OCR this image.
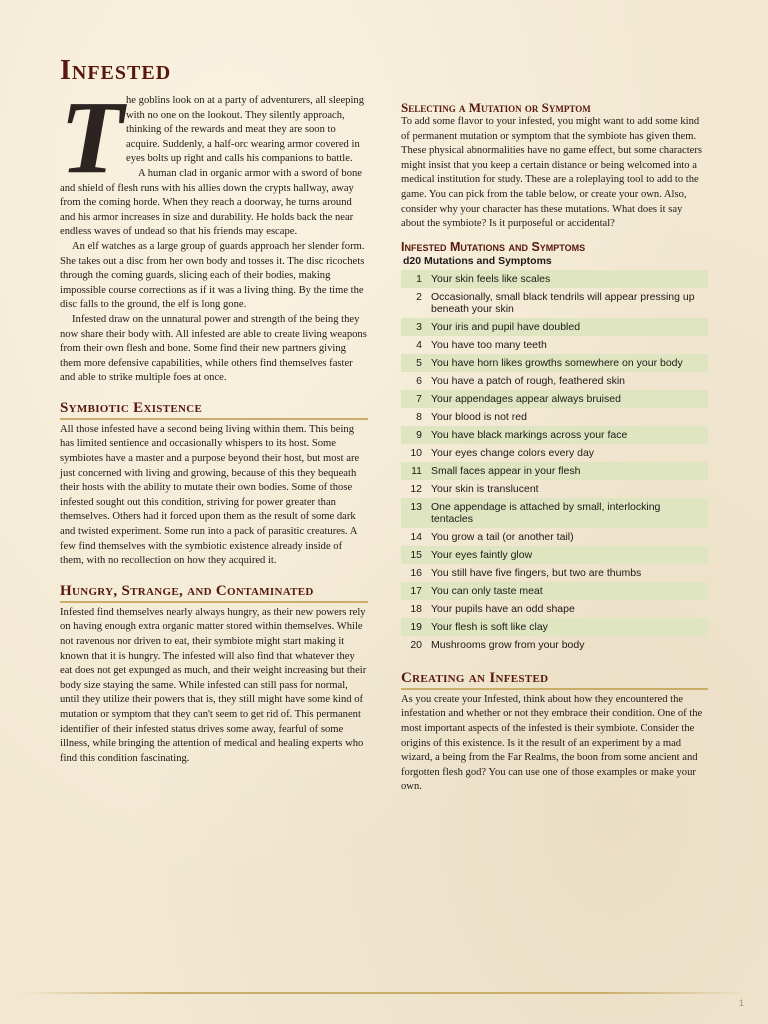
Infested
T he goblins look on at a party of adventurers, all sleeping with no one on the lookout. They silently approach, thinking of the rewards and meat they are soon to acquire. Suddenly, a half-orc wearing armor covered in eyes bolts up right and calls his companions to battle.

A human clad in organic armor with a sword of bone and shield of flesh runs with his allies down the crypts hallway, away from the coming horde. When they reach a doorway, he turns around and his armor increases in size and durability. He holds back the near endless waves of undead so that his friends may escape.

An elf watches as a large group of guards approach her slender form. She takes out a disc from her own body and tosses it. The disc ricochets through the coming guards, slicing each of their bodies, making impossible course corrections as if it was a living thing. By the time the disc falls to the ground, the elf is long gone.

Infested draw on the unnatural power and strength of the being they now share their body with. All infested are able to create living weapons from their own flesh and bone. Some find their new partners giving them more defensive capabilities, while others find themselves faster and able to strike multiple foes at once.

Symbiotic Existence

All those infested have a second being living within them. This being has limited sentience and occasionally whispers to its host. Some symbiotes have a master and a purpose beyond their host, but most are just concerned with living and growing, because of this they bequeath their hosts with the ability to mutate their own bodies. Some of those infested sought out this condition, striving for power greater than themselves. Others had it forced upon them as the result of some dark and twisted experiment. Some run into a pack of parasitic creatures. A few find themselves with the symbiotic existence already inside of them, with no recollection on how they acquired it.

Hungry, Strange, and Contaminated

Infested find themselves nearly always hungry, as their new powers rely on having enough extra organic matter stored within themselves. While not ravenous nor driven to eat, their symbiote might start making it known that it is hungry. The infested will also find that whatever they eat does not get expunged as much, and their weight increasing but their body size staying the same. While infested can still pass for normal, until they utilize their powers that is, they still might have some kind of mutation or symptom that they can't seem to get rid of. This permanent identifier of their infested status drives some away, fearful of some illness, while bringing the attention of medical and healing experts who find this condition fascinating.

Selecting a Mutation or Symptom

To add some flavor to your infested, you might want to add some kind of permanent mutation or symptom that the symbiote has given them. These physical abnormalities have no game effect, but some characters might insist that you keep a certain distance or being welcomed into a medical institution for study. These are a roleplaying tool to add to the game. You can pick from the table below, or create your own. Also, consider why your character has these mutations. What does it say about the symbiote? Is it purposeful or accidental?

Infested Mutations and Symptoms
d20 Mutations and Symptoms
1	Your skin feels like scales
2	Occasionally, small black tendrils will appear pressing up beneath your skin
3	Your iris and pupil have doubled
4	You have too many teeth
5	You have horn likes growths somewhere on your body
6	You have a patch of rough, feathered skin
7	Your appendages appear always bruised
8	Your blood is not red
9	You have black markings across your face
10	Your eyes change colors every day
11	Small faces appear in your flesh
12	Your skin is translucent
13	One appendage is attached by small, interlocking tentacles
14	You grow a tail (or another tail)
15	Your eyes faintly glow
16	You still have five fingers, but two are thumbs
17	You can only taste meat
18	Your pupils have an odd shape
19	Your flesh is soft like clay
20	Mushrooms grow from your body
Creating an Infested

As you create your Infested, think about how they encountered the infestation and whether or not they embrace their condition. One of the most important aspects of the infested is their symbiote. Consider the origins of this existence. Is it the result of an experiment by a mad wizard, a being from the Far Realms, the boon from some ancient and forgotten flesh god? You can use one of those examples or make your own.

1
